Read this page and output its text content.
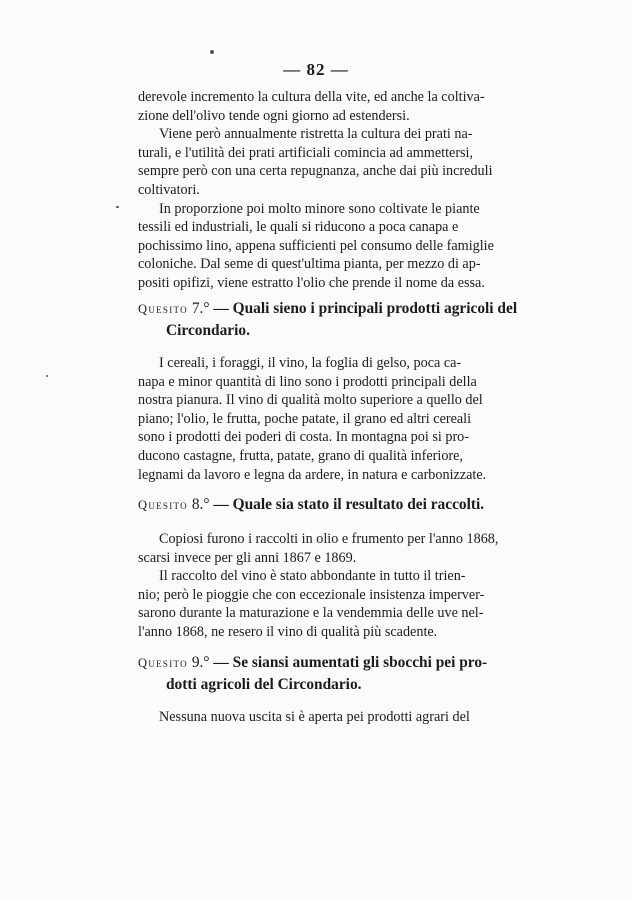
— 82 —

derevole incremento la cultura della vite, ed anche la coltiva-
zione dell'olivo tende ogni giorno ad estendersi.

Viene però annualmente ristretta la cultura dei prati na-
turali, e l'utilità dei prati artificiali comincia ad ammettersi,
sempre però con una certa repugnanza, anche dai più increduli
coltivatori.

In proporzione poi molto minore sono coltivate le piante
tessili ed industriali, le quali si riducono a poca canapa e
pochissimo lino, appena sufficienti pel consumo delle famiglie
coloniche. Dal seme di quest'ultima pianta, per mezzo di ap-
positi opifizi, viene estratto l'olio che prende il nome da essa.

Quesito 7.° — Quali sieno i principali prodotti agricoli del
Circondario.

I cereali, i foraggi, il vino, la foglia di gelso, poca ca-
napa e minor quantità di lino sono i prodotti principali della
nostra pianura. Il vino di qualità molto superiore a quello del
piano; l'olio, le frutta, poche patate, il grano ed altri cereali
sono i prodotti dei poderi di costa. In montagna poi si pro-
ducono castagne, frutta, patate, grano di qualità inferiore,
legnami da lavoro e legna da ardere, in natura e carbonizzate.

Quesito 8.° — Quale sia stato il resultato dei raccolti.

Copiosi furono i raccolti in olio e frumento per l'anno 1868,
scarsi invece per gli anni 1867 e 1869.

Il raccolto del vino è stato abbondante in tutto il trien-
nio; però le pioggie che con eccezionale insistenza imperver-
sarono durante la maturazione e la vendemmia delle uve nel-
l'anno 1868, ne resero il vino di qualità più scadente.

Quesito 9.° — Se siansi aumentati gli sbocchi pei pro-
dotti agricoli del Circondario.

Nessuna nuova uscita si è aperta pei prodotti agrari del
